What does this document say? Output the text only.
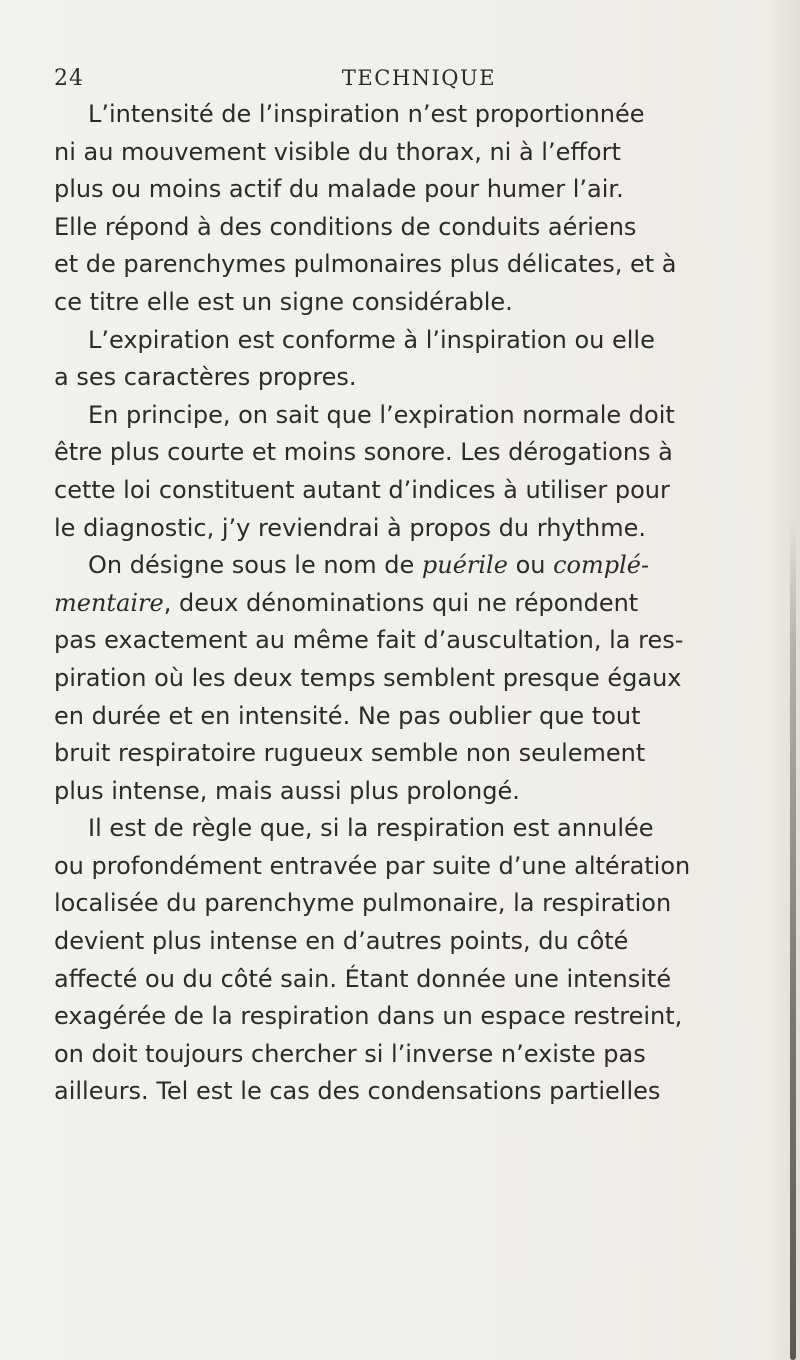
24	TECHNIQUE
L’intensité de l’inspiration n’est proportionnée
ni au mouvement visible du thorax, ni à l’effort
plus ou moins actif du malade pour humer l’air.
Elle répond à des conditions de conduits aériens
et de parenchymes pulmonaires plus délicates, et à
ce titre elle est un signe considérable.
L’expiration est conforme à l’inspiration ou elle
a ses caractères propres.
En principe, on sait que l’expiration normale doit
être plus courte et moins sonore. Les dérogations à
cette loi constituent autant d’indices à utiliser pour
le diagnostic, j’y reviendrai à propos du rhythme.
On désigne sous le nom de puérile ou complé-
mentaire, deux dénominations qui ne répondent
pas exactement au même fait d’auscultation, la res-
piration où les deux temps semblent presque égaux
en durée et en intensité. Ne pas oublier que tout
bruit respiratoire rugueux semble non seulement
plus intense, mais aussi plus prolongé.
Il est de règle que, si la respiration est annulée
ou profondément entravée par suite d’une altération
localisée du parenchyme pulmonaire, la respiration
devient plus intense en d’autres points, du côté
affecté ou du côté sain. Étant donnée une intensité
exagérée de la respiration dans un espace restreint,
on doit toujours chercher si l’inverse n’existe pas
ailleurs. Tel est le cas des condensations partielles
